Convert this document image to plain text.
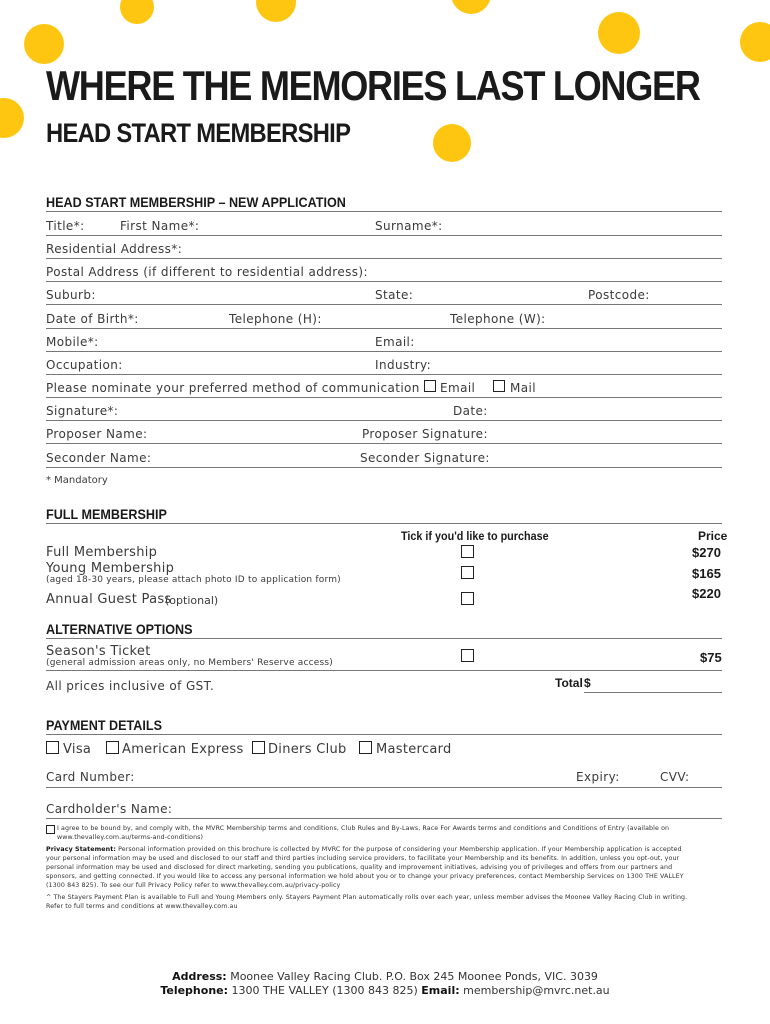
WHERE THE MEMORIES LAST LONGER
HEAD START MEMBERSHIP
HEAD START MEMBERSHIP – NEW APPLICATION
Title*:	First Name*:	Surname*:
Residential Address*:
Postal Address (if different to residential address):
Suburb:	State:	Postcode:
Date of Birth*:	Telephone (H):	Telephone (W):
Mobile*:	Email:
Occupation:	Industry:
Please nominate your preferred method of communication Email	Mail
Signature*:	Date:
Proposer Name:	Proposer Signature:
Seconder Name:	Seconder Signature:
* Mandatory
FULL MEMBERSHIP
Tick if you'd like to purchase	Price
Full Membership	$270
Young Membership
(aged 18-30 years, please attach photo ID to application form)	$165
Annual Guest Pass
(optional)	$220
ALTERNATIVE OPTIONS
Season's Ticket
(general admission areas only, no Members' Reserve access)	$75
All prices inclusive of GST.	Total $
PAYMENT DETAILS
Visa American Express Diners Club Mastercard
Card Number:	Expiry:	CVV:
Cardholder's Name:
I agree to be bound by, and comply with, the MVRC Membership terms and conditions, Club Rules and By-Laws, Race For Awards terms and conditions and Conditions of Entry (available on
www.thevalley.com.au/terms-and-conditions)
Privacy Statement: Personal information provided on this brochure is collected by MVRC for the purpose of considering your Membership application. If your Membership application is accepted
your personal information may be used and disclosed to our staff and third parties including service providers, to facilitate your Membership and its benefits. In addition, unless you opt-out, your
personal information may be used and disclosed for direct marketing, sending you publications, quality and improvement initiatives, advising you of privileges and offers from our partners and
sponsors, and getting connected. If you would like to access any personal information we hold about you or to change your privacy preferences, contact Membership Services on 1300 THE VALLEY
(1300 843 825). To see our full Privacy Policy refer to www.thevalley.com.au/privacy-policy
^ The Stayers Payment Plan is available to Full and Young Members only. Stayers Payment Plan automatically rolls over each year, unless member advises the Moonee Valley Racing Club in writing.
Refer to full terms and conditions at www.thevalley.com.au
Address: Moonee Valley Racing Club. P.O. Box 245 Moonee Ponds, VIC. 3039
Telephone: 1300 THE VALLEY (1300 843 825) Email: membership@mvrc.net.au
